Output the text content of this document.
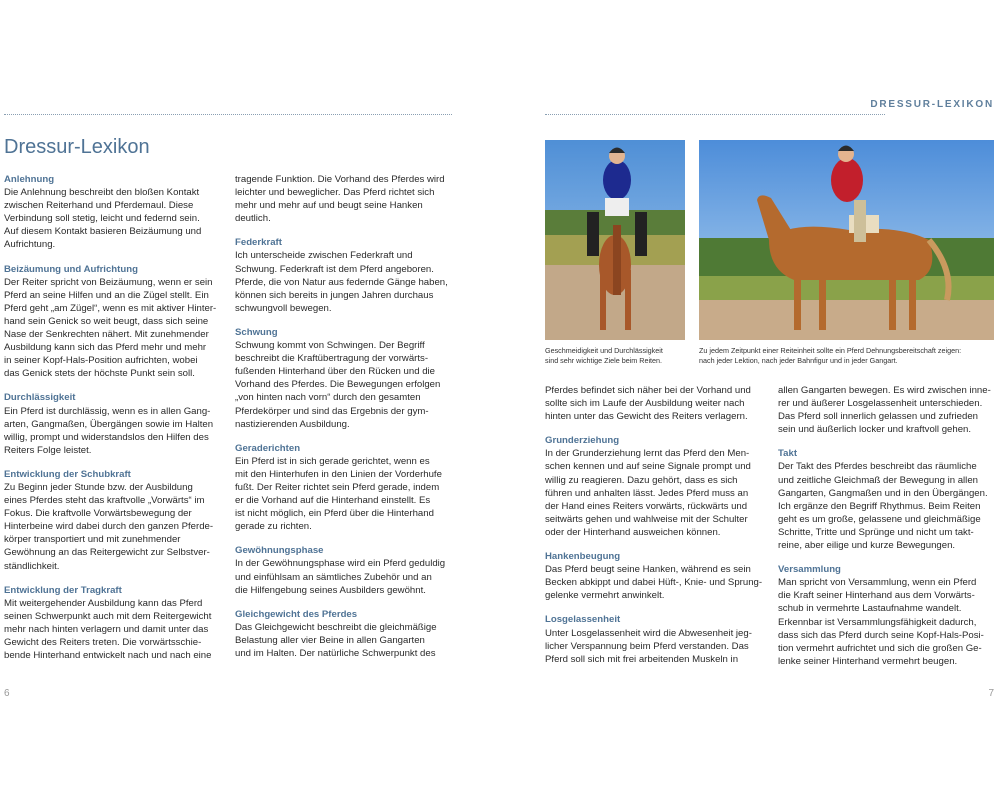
DRESSUR-LEXIKON
Dressur-Lexikon
Anlehnung

Die Anlehnung beschreibt den bloßen Kontakt

zwischen Reiterhand und Pferdemaul. Diese

Verbindung soll stetig, leicht und federnd sein.

Auf diesem Kontakt basieren Beizäumung und

Aufrichtung.

Beizäumung und Aufrichtung

Der Reiter spricht von Beizäumung, wenn er sein

Pferd an seine Hilfen und an die Zügel stellt. Ein

Pferd geht „am Zügel“, wenn es mit aktiver Hinter-

hand sein Genick so weit beugt, dass sich seine

Nase der Senkrechten nähert. Mit zunehmender

Ausbildung kann sich das Pferd mehr und mehr

in seiner Kopf-Hals-Position aufrichten, wobei

das Genick stets der höchste Punkt sein soll.

Durchlässigkeit

Ein Pferd ist durchlässig, wenn es in allen Gang-

arten, Gangmaßen, Übergängen sowie im Halten

willig, prompt und widerstandslos den Hilfen des

Reiters Folge leistet.

Entwicklung der Schubkraft

Zu Beginn jeder Stunde bzw. der Ausbildung

eines Pferdes steht das kraftvolle „Vorwärts“ im

Fokus. Die kraftvolle Vorwärtsbewegung der

Hinterbeine wird dabei durch den ganzen Pferde-

körper transportiert und mit zunehmender

Gewöhnung an das Reitergewicht zur Selbstver-

ständlichkeit.

Entwicklung der Tragkraft

Mit weitergehender Ausbildung kann das Pferd

seinen Schwerpunkt auch mit dem Reitergewicht

mehr nach hinten verlagern und damit unter das

Gewicht des Reiters treten. Die vorwärtsschie-

bende Hinterhand entwickelt nach und nach eine

tragende Funktion. Die Vorhand des Pferdes wird

leichter und beweglicher. Das Pferd richtet sich

mehr und mehr auf und beugt seine Hanken

deutlich.

Federkraft

Ich unterscheide zwischen Federkraft und

Schwung. Federkraft ist dem Pferd angeboren.

Pferde, die von Natur aus federnde Gänge haben,

können sich bereits in jungen Jahren durchaus

schwungvoll bewegen.

Schwung

Schwung kommt von Schwingen. Der Begriff

beschreibt die Kraftübertragung der vorwärts-

fußenden Hinterhand über den Rücken und die

Vorhand des Pferdes. Die Bewegungen erfolgen

„von hinten nach vorn“ durch den gesamten

Pferdekörper und sind das Ergebnis der gym-

nastizierenden Ausbildung.

Geraderichten

Ein Pferd ist in sich gerade gerichtet, wenn es

mit den Hinterhufen in den Linien der Vorderhufe

fußt. Der Reiter richtet sein Pferd gerade, indem

er die Vorhand auf die Hinterhand einstellt. Es

ist nicht möglich, ein Pferd über die Hinterhand

gerade zu richten.

Gewöhnungsphase

In der Gewöhnungsphase wird ein Pferd geduldig

und einfühlsam an sämtliches Zubehör und an

die Hilfengebung seines Ausbilders gewöhnt.

Gleichgewicht des Pferdes

Das Gleichgewicht beschreibt die gleichmäßige

Belastung aller vier Beine in allen Gangarten

und im Halten. Der natürliche Schwerpunkt des

6
Geschmeidigkeit und Durchlässigkeit
sind sehr wichtige Ziele beim Reiten.
Zu jedem Zeitpunkt einer Reiteinheit sollte ein Pferd Dehnungsbereitschaft zeigen:
nach jeder Lektion, nach jeder Bahnfigur und in jeder Gangart.

Pferdes befindet sich näher bei der Vorhand und

sollte sich im Laufe der Ausbildung weiter nach

hinten unter das Gewicht des Reiters verlagern.

Grunderziehung

In der Grunderziehung lernt das Pferd den Men-

schen kennen und auf seine Signale prompt und

willig zu reagieren. Dazu gehört, dass es sich

führen und anhalten lässt. Jedes Pferd muss an

der Hand eines Reiters vorwärts, rückwärts und

seitwärts gehen und wahlweise mit der Schulter

oder der Hinterhand ausweichen können.

Hankenbeugung

Das Pferd beugt seine Hanken, während es sein

Becken abkippt und dabei Hüft-, Knie- und Sprung-

gelenke vermehrt anwinkelt.

Losgelassenheit

Unter Losgelassenheit wird die Abwesenheit jeg-

licher Verspannung beim Pferd verstanden. Das

Pferd soll sich mit frei arbeitenden Muskeln in

allen Gangarten bewegen. Es wird zwischen inne-

rer und äußerer Losgelassenheit unterschieden.

Das Pferd soll innerlich gelassen und zufrieden

sein und äußerlich locker und kraftvoll gehen.

Takt

Der Takt des Pferdes beschreibt das räumliche

und zeitliche Gleichmaß der Bewegung in allen

Gangarten, Gangmaßen und in den Übergängen.

Ich ergänze den Begriff Rhythmus. Beim Reiten

geht es um große, gelassene und gleichmäßige

Schritte, Tritte und Sprünge und nicht um takt-

reine, aber eilige und kurze Bewegungen.

Versammlung

Man spricht von Versammlung, wenn ein Pferd

die Kraft seiner Hinterhand aus dem Vorwärts-

schub in vermehrte Lastaufnahme wandelt.

Erkennbar ist Versammlungsfähigkeit dadurch,

dass sich das Pferd durch seine Kopf-Hals-Posi-

tion vermehrt aufrichtet und sich die großen Ge-

lenke seiner Hinterhand vermehrt beugen.

7
